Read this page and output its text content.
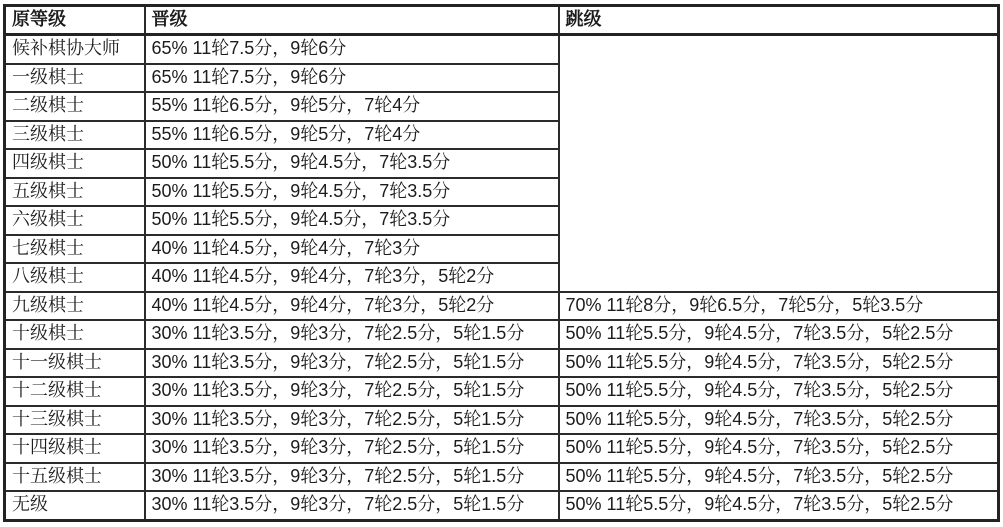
原等级	晋级	跳级
候补棋协大师	65% 11轮7.5分，9轮6分	
一级棋士	65% 11轮7.5分，9轮6分	
二级棋士	55% 11轮6.5分，9轮5分，7轮4分	
三级棋士	55% 11轮6.5分，9轮5分，7轮4分	
四级棋士	50% 11轮5.5分，9轮4.5分，7轮3.5分	
五级棋士	50% 11轮5.5分，9轮4.5分，7轮3.5分	
六级棋士	50% 11轮5.5分，9轮4.5分，7轮3.5分	
七级棋士	40% 11轮4.5分，9轮4分，7轮3分	
八级棋士	40% 11轮4.5分，9轮4分，7轮3分，5轮2分	
九级棋士	40% 11轮4.5分，9轮4分，7轮3分，5轮2分	70% 11轮8分，9轮6.5分，7轮5分，5轮3.5分
十级棋士	30% 11轮3.5分，9轮3分，7轮2.5分，5轮1.5分	50% 11轮5.5分，9轮4.5分，7轮3.5分，5轮2.5分
十一级棋士	30% 11轮3.5分，9轮3分，7轮2.5分，5轮1.5分	50% 11轮5.5分，9轮4.5分，7轮3.5分，5轮2.5分
十二级棋士	30% 11轮3.5分，9轮3分，7轮2.5分，5轮1.5分	50% 11轮5.5分，9轮4.5分，7轮3.5分，5轮2.5分
十三级棋士	30% 11轮3.5分，9轮3分，7轮2.5分，5轮1.5分	50% 11轮5.5分，9轮4.5分，7轮3.5分，5轮2.5分
十四级棋士	30% 11轮3.5分，9轮3分，7轮2.5分，5轮1.5分	50% 11轮5.5分，9轮4.5分，7轮3.5分，5轮2.5分
十五级棋士	30% 11轮3.5分，9轮3分，7轮2.5分，5轮1.5分	50% 11轮5.5分，9轮4.5分，7轮3.5分，5轮2.5分
无级	30% 11轮3.5分，9轮3分，7轮2.5分，5轮1.5分	50% 11轮5.5分，9轮4.5分，7轮3.5分，5轮2.5分
